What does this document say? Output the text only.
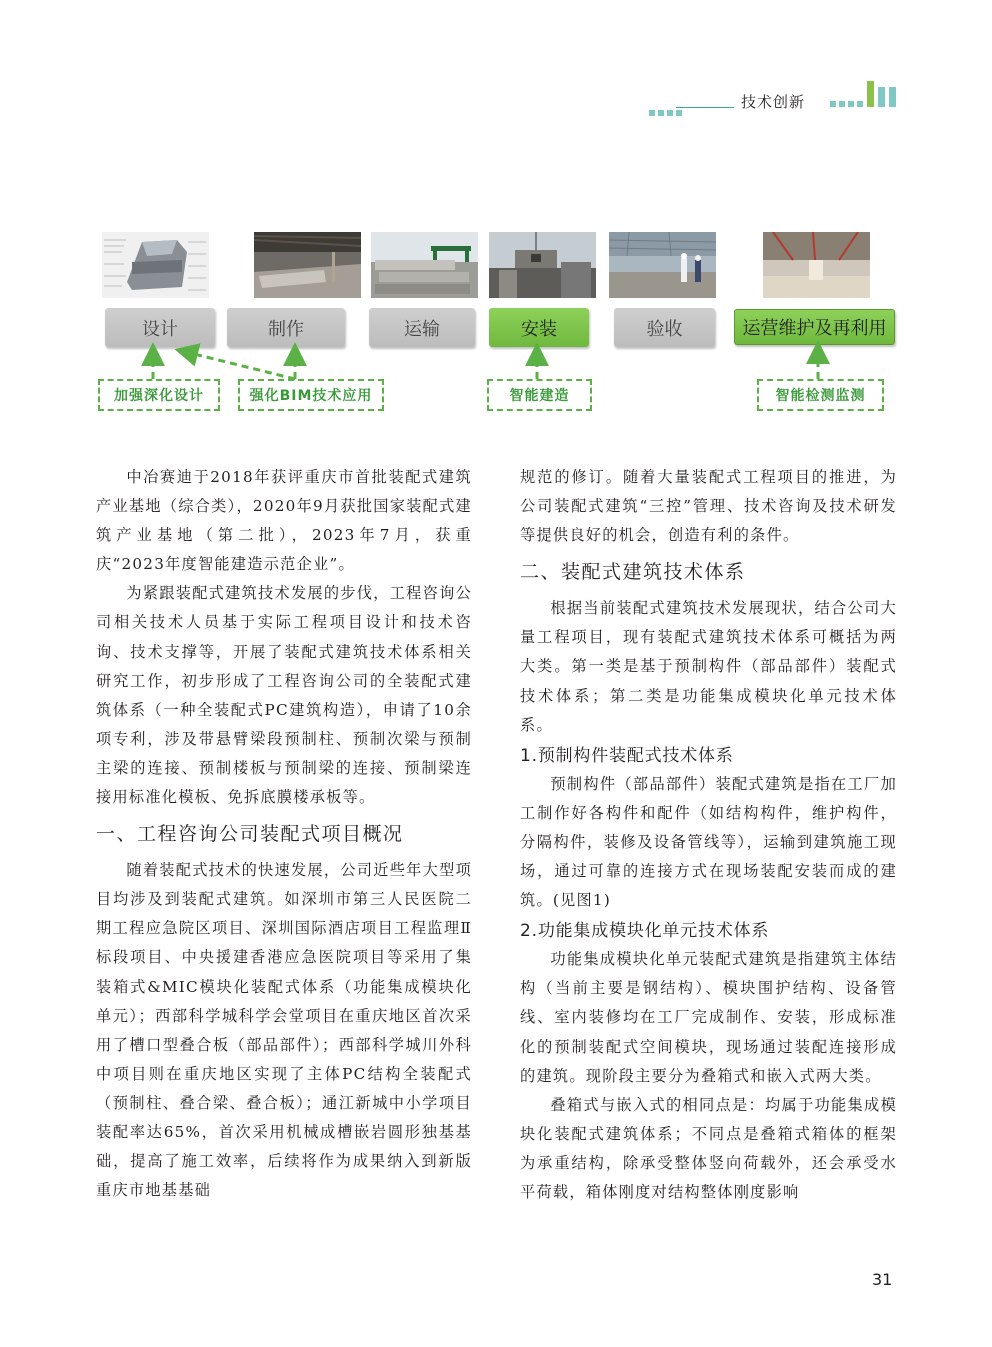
技术创新
设计	制作	运输	安装	验收	运营维护及再利用
加强深化设计	强化BIM技术应用	智能建造	智能检测监测

中冶赛迪于2018年获评重庆市首批装配式建筑产业基地（综合类），2020年9月获批国家装配式建筑产业基地（第二批），2023年7月，获重庆“2023年度智能建造示范企业”。

为紧跟装配式建筑技术发展的步伐，工程咨询公司相关技术人员基于实际工程项目设计和技术咨询、技术支撑等，开展了装配式建筑技术体系相关研究工作，初步形成了工程咨询公司的全装配式建筑体系（一种全装配式PC建筑构造），申请了10余项专利，涉及带悬臂梁段预制柱、预制次梁与预制主梁的连接、预制楼板与预制梁的连接、预制梁连接用标准化模板、免拆底膜楼承板等。

一、工程咨询公司装配式项目概况

随着装配式技术的快速发展，公司近些年大型项目均涉及到装配式建筑。如深圳市第三人民医院二期工程应急院区项目、深圳国际酒店项目工程监理Ⅱ标段项目、中央援建香港应急医院项目等采用了集装箱式&MIC模块化装配式体系（功能集成模块化单元）；西部科学城科学会堂项目在重庆地区首次采用了槽口型叠合板（部品部件）；西部科学城川外科中项目则在重庆地区实现了主体PC结构全装配式（预制柱、叠合梁、叠合板）；通江新城中小学项目装配率达65%，首次采用机械成槽嵌岩圆形独基基础，提高了施工效率，后续将作为成果纳入到新版重庆市地基基础

规范的修订。随着大量装配式工程项目的推进，为公司装配式建筑“三控”管理、技术咨询及技术研发等提供良好的机会，创造有利的条件。

二、装配式建筑技术体系

根据当前装配式建筑技术发展现状，结合公司大量工程项目，现有装配式建筑技术体系可概括为两大类。第一类是基于预制构件（部品部件）装配式技术体系；第二类是功能集成模块化单元技术体系。

1.预制构件装配式技术体系

预制构件（部品部件）装配式建筑是指在工厂加工制作好各构件和配件（如结构构件，维护构件，分隔构件，装修及设备管线等），运输到建筑施工现场，通过可靠的连接方式在现场装配安装而成的建筑。(见图1)

2.功能集成模块化单元技术体系

功能集成模块化单元装配式建筑是指建筑主体结构（当前主要是钢结构）、模块围护结构、设备管线、室内装修均在工厂完成制作、安装，形成标准化的预制装配式空间模块，现场通过装配连接形成的建筑。现阶段主要分为叠箱式和嵌入式两大类。

叠箱式与嵌入式的相同点是：均属于功能集成模块化装配式建筑体系；不同点是叠箱式箱体的框架为承重结构，除承受整体竖向荷载外，还会承受水平荷载，箱体刚度对结构整体刚度影响

31
